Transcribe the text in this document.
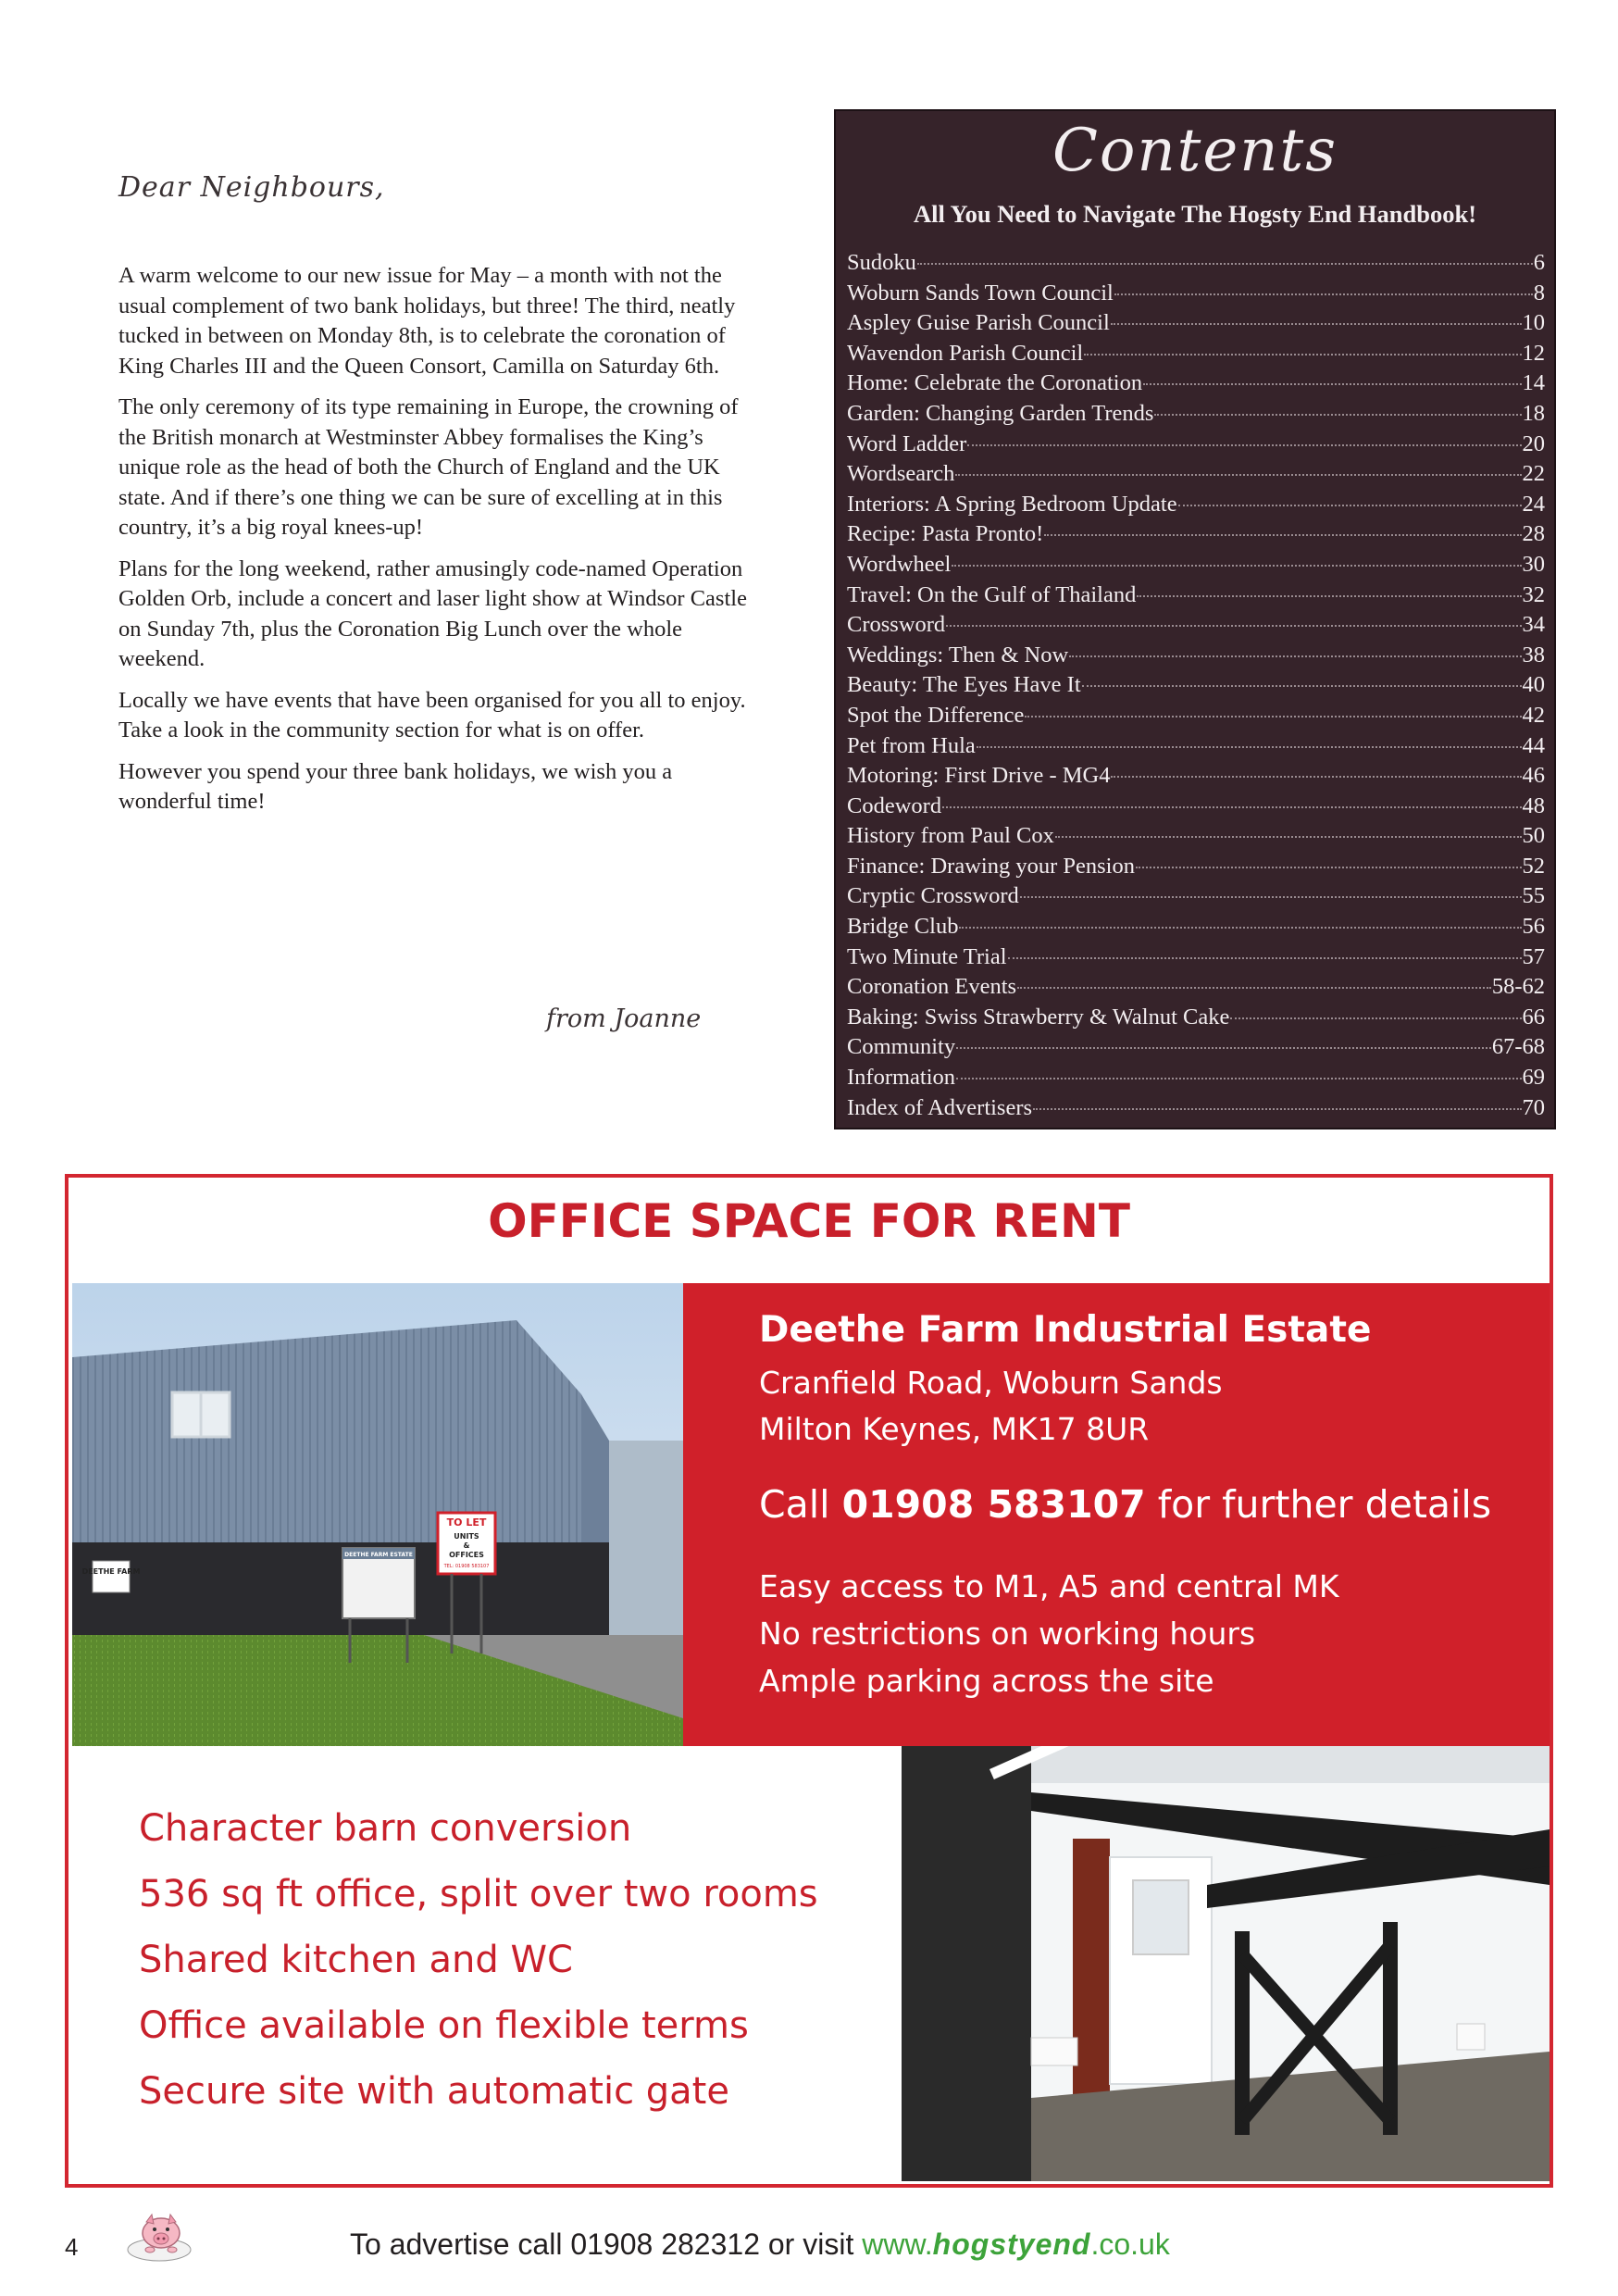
Dear Neighbours,

A warm welcome to our new issue for May – a month with not the usual complement of two bank holidays, but three! The third, neatly tucked in between on Monday 8th, is to celebrate the coronation of King Charles III and the Queen Consort, Camilla on Saturday 6th.

The only ceremony of its type remaining in Europe, the crowning of the British monarch at Westminster Abbey formalises the King’s unique role as the head of both the Church of England and the UK state. And if there’s one thing we can be sure of excelling at in this country, it’s a big royal knees-up!

Plans for the long weekend, rather amusingly code-named Operation Golden Orb, include a concert and laser light show at Windsor Castle on Sunday 7th, plus the Coronation Big Lunch over the whole weekend.

Locally we have events that have been organised for you all to enjoy. Take a look in the community section for what is on offer.

However you spend your three bank holidays, we wish you a wonderful time!

from Joanne
Contents
All You Need to Navigate The Hogsty End Handbook!
Sudoku	6
Woburn Sands Town Council	8
Aspley Guise Parish Council	10
Wavendon Parish Council	12
Home: Celebrate the Coronation	14
Garden: Changing Garden Trends	18
Word Ladder	20
Wordsearch	22
Interiors: A Spring Bedroom Update	24
Recipe: Pasta Pronto!	28
Wordwheel	30
Travel: On the Gulf of Thailand	32
Crossword	34
Weddings: Then & Now	38
Beauty: The Eyes Have It	40
Spot the Difference	42
Pet from Hula	44
Motoring: First Drive - MG4	46
Codeword	48
History from Paul Cox	50
Finance: Drawing your Pension	52
Cryptic Crossword	55
Bridge Club	56
Two Minute Trial	57
Coronation Events	58-62
Baking: Swiss Strawberry & Walnut Cake	66
Community	67-68
Information	69
Index of Advertisers	70
OFFICE SPACE FOR RENT
DEETHE FARM
DEETHE FARM ESTATE
TO LET
UNITS
&
OFFICES
TEL: 01908 583107
Deethe Farm Industrial Estate
Cranfield Road, Woburn Sands
Milton Keynes, MK17 8UR
Call 01908 583107 for further details
Easy access to M1, A5 and central MK
No restrictions on working hours
Ample parking across the site
Character barn conversion
536 sq ft office, split over two rooms
Shared kitchen and WC
Office available on flexible terms
Secure site with automatic gate
4	To advertise call 01908 282312 or visit www.hogstyend.co.uk
